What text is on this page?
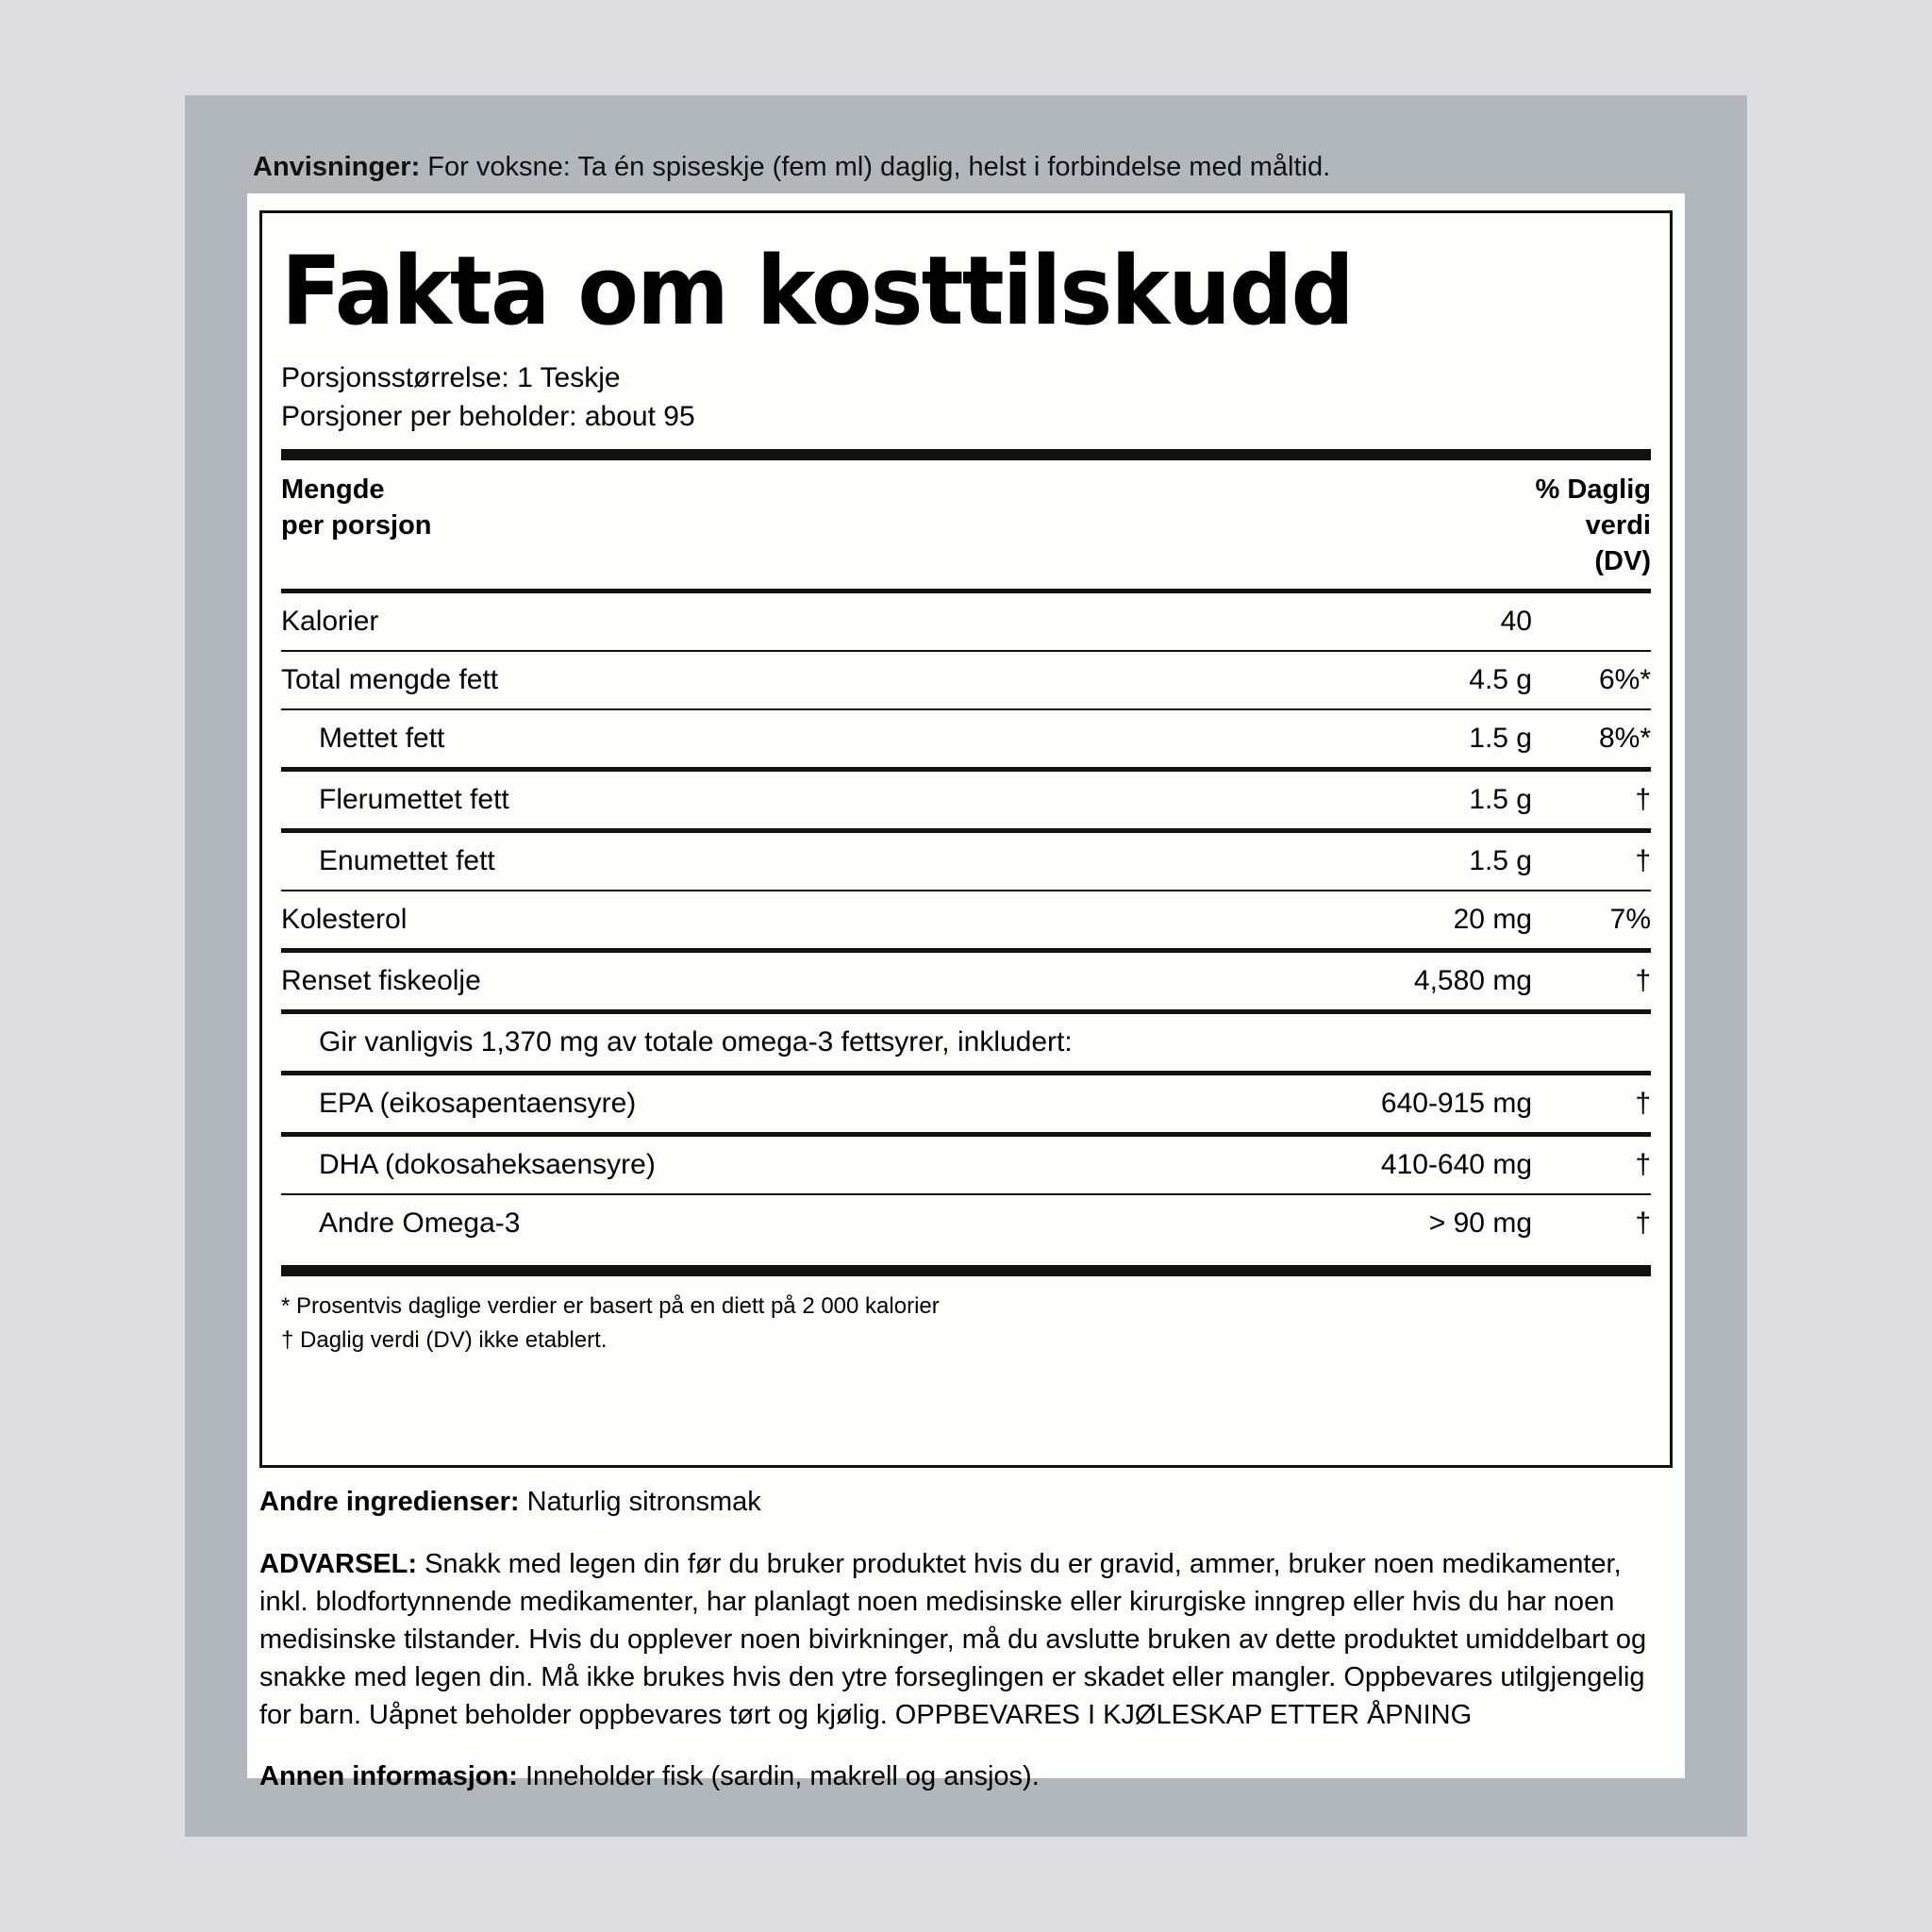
Anvisninger: For voksne: Ta én spiseskje (fem ml) daglig, helst i forbindelse med måltid.
Fakta om kosttilskudd
Porsjonsstørrelse: 1 Teskje
Porsjoner per beholder: about 95
Mengde
per porsjon
% Daglig
verdi
(DV)
Kalorier	40
Total mengde fett	4.5 g	6%*
Mettet fett	1.5 g	8%*
Flerumettet fett	1.5 g	†
Enumettet fett	1.5 g	†
Kolesterol	20 mg	7%
Renset fiskeolje	4,580 mg	†
Gir vanligvis 1,370 mg av totale omega-3 fettsyrer, inkludert:
EPA (eikosapentaensyre)	640-915 mg	†
DHA (dokosaheksaensyre)	410-640 mg	†
Andre Omega-3	> 90 mg	†
* Prosentvis daglige verdier er basert på en diett på 2 000 kalorier
† Daglig verdi (DV) ikke etablert.
Andre ingredienser: Naturlig sitronsmak
ADVARSEL: Snakk med legen din før du bruker produktet hvis du er gravid, ammer, bruker noen medikamenter, inkl. blodfortynnende medikamenter, har planlagt noen medisinske eller kirurgiske inngrep eller hvis du har noen medisinske tilstander. Hvis du opplever noen bivirkninger, må du avslutte bruken av dette produktet umiddelbart og snakke med legen din. Må ikke brukes hvis den ytre forseglingen er skadet eller mangler. Oppbevares utilgjengelig for barn. Uåpnet beholder oppbevares tørt og kjølig. OPPBEVARES I KJØLESKAP ETTER ÅPNING
Annen informasjon: Inneholder fisk (sardin, makrell og ansjos).
